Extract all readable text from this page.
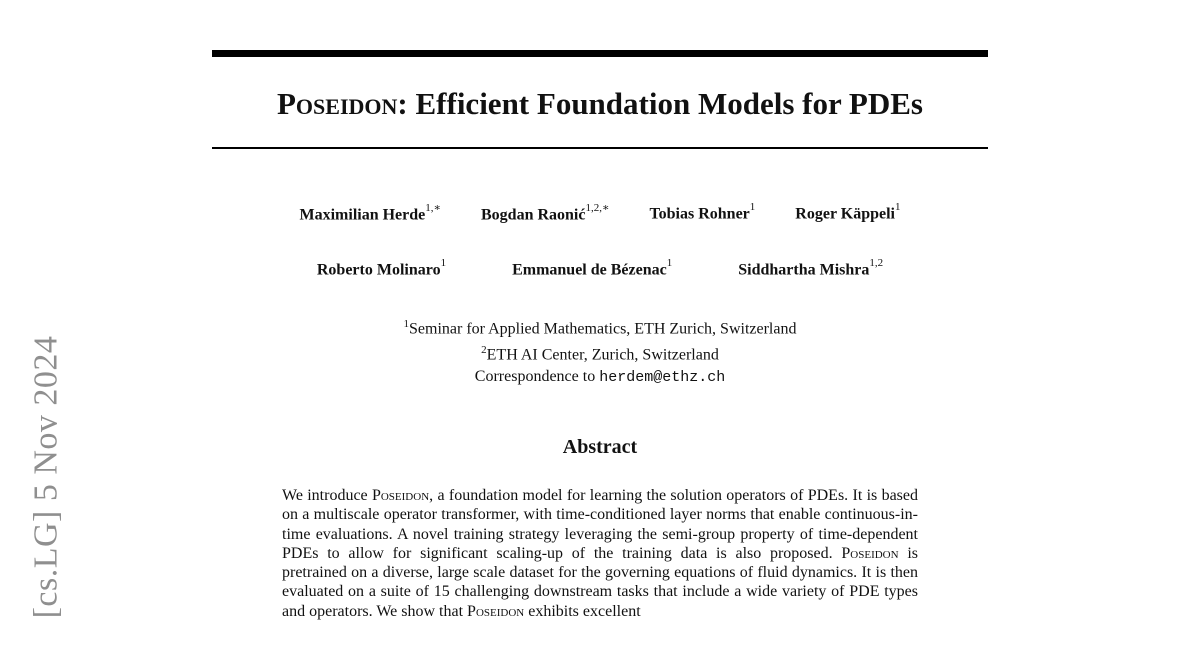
[cs.LG] 5 Nov 2024
Poseidon: Efficient Foundation Models for PDEs
Maximilian Herde$^{1,∗}$	Bogdan Raonić$^{1,2,∗}$	Tobias Rohner$^1$	Roger Käppeli$^1$
Roberto Molinaro$^1$	Emmanuel de Bézenac$^1$	Siddhartha Mishra$^{1,2}$
$^1$Seminar for Applied Mathematics, ETH Zurich, Switzerland
$^2$ETH AI Center, Zurich, Switzerland
Correspondence to herdem@ethz.ch
Abstract

We introduce Poseidon, a foundation model for learning the solution operators of PDEs. It is based on a multiscale operator transformer, with time-conditioned layer norms that enable continuous-in-time evaluations. A novel training strategy leveraging the semi-group property of time-dependent PDEs to allow for significant scaling-up of the training data is also proposed. Poseidon is pretrained on a diverse, large scale dataset for the governing equations of fluid dynamics. It is then evaluated on a suite of 15 challenging downstream tasks that include a wide variety of PDE types and operators. We show that Poseidon exhibits excellent
